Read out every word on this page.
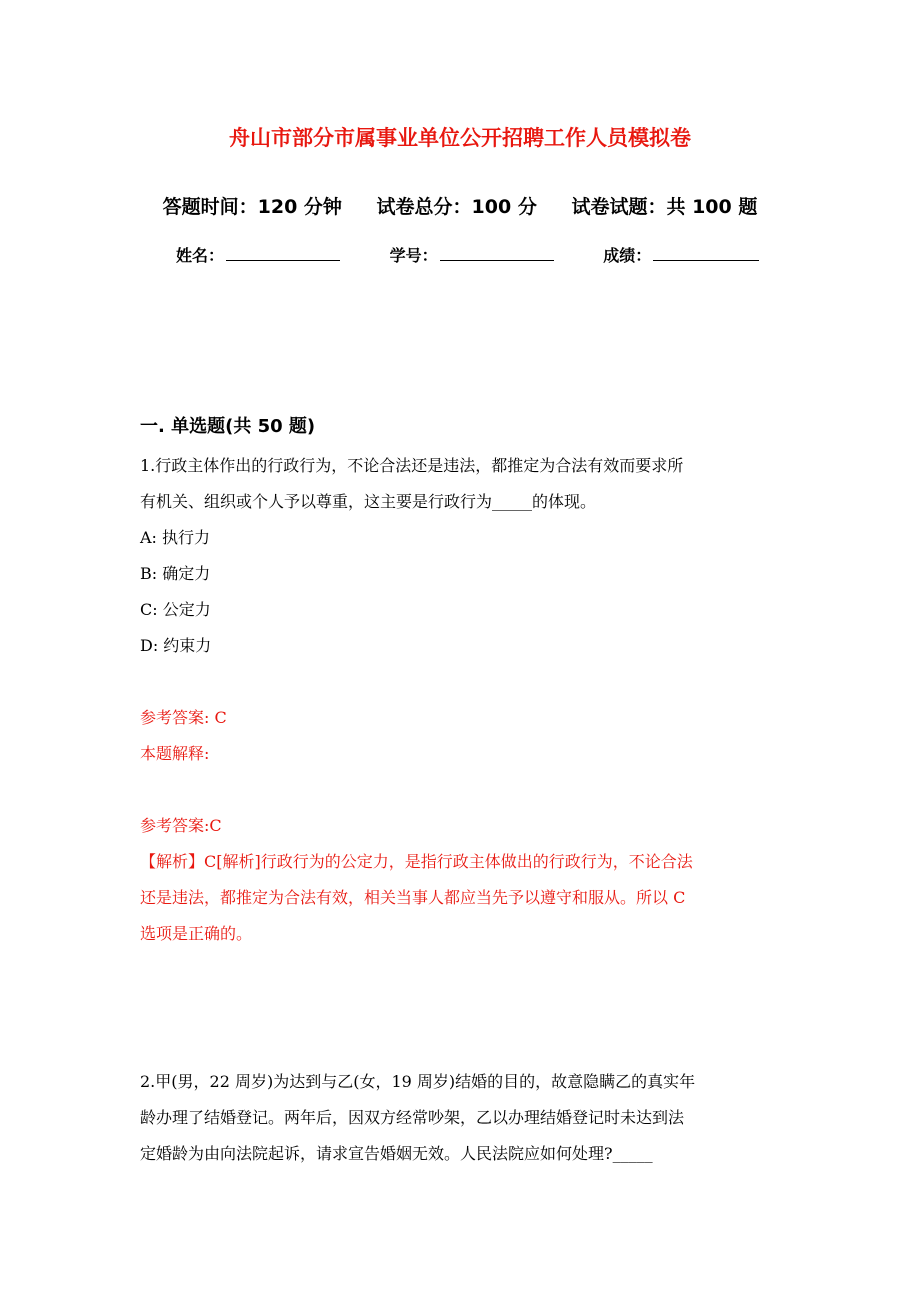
舟山市部分市属事业单位公开招聘工作人员模拟卷
答题时间：120 分钟 试卷总分：100 分 试卷试题：共 100 题
姓名：	学号：	成绩：
一. 单选题(共 50 题)

1.行政主体作出的行政行为，不论合法还是违法，都推定为合法有效而要求所

有机关、组织或个人予以尊重，这主要是行政行为_____的体现。

A: 执行力

B: 确定力

C: 公定力

D: 约束力

参考答案: C

本题解释:

参考答案:C

【解析】C[解析]行政行为的公定力，是指行政主体做出的行政行为，不论合法

还是违法，都推定为合法有效，相关当事人都应当先予以遵守和服从。所以 C

选项是正确的。

2.甲(男，22 周岁)为达到与乙(女，19 周岁)结婚的目的，故意隐瞒乙的真实年

龄办理了结婚登记。两年后，因双方经常吵架，乙以办理结婚登记时未达到法

定婚龄为由向法院起诉，请求宣告婚姻无效。人民法院应如何处理?_____
